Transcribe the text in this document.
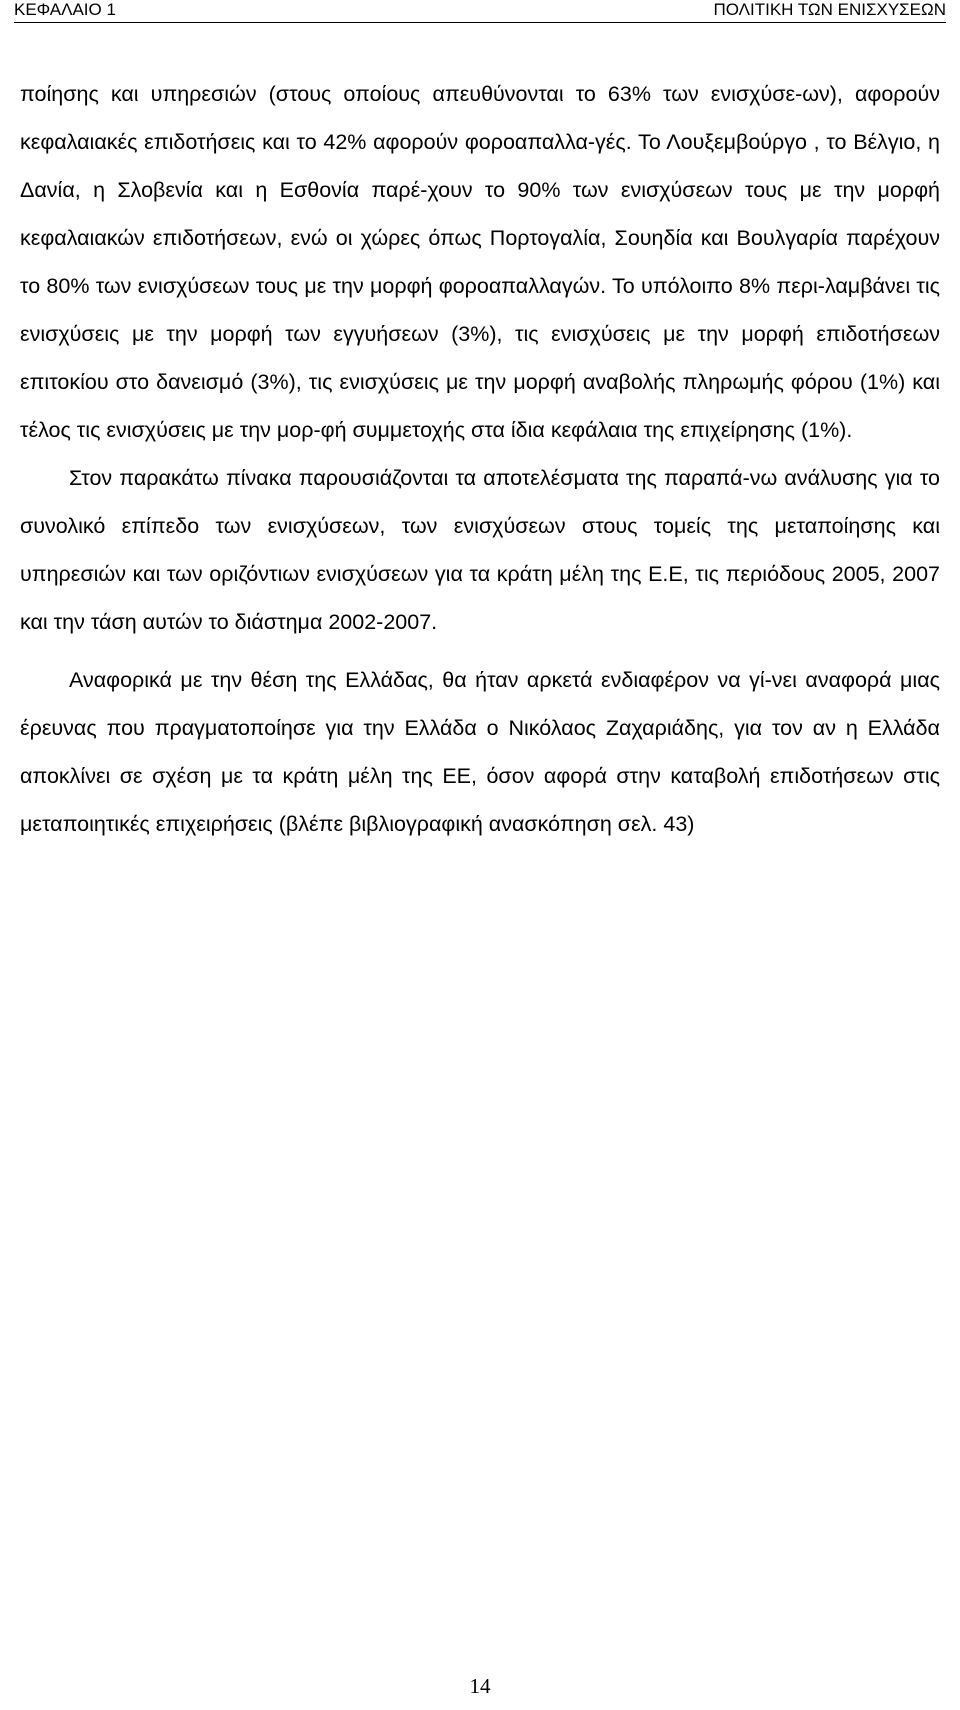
ΚΕΦΑΛΑΙΟ 1	ΠΟΛΙΤΙΚΗ ΤΩΝ ΕΝΙΣΧΥΣΕΩΝ

ποίησης και υπηρεσιών (στους οποίους απευθύνονται το 63% των ενισχύσε-ων), αφορούν κεφαλαιακές επιδοτήσεις και το 42% αφορούν φοροαπαλλα-γές. Το Λουξεμβούργο , το Βέλγιο, η Δανία, η Σλοβενία και η Εσθονία παρέ-χουν το 90% των ενισχύσεων τους με την μορφή κεφαλαιακών επιδοτήσεων, ενώ οι χώρες όπως Πορτογαλία, Σουηδία και Βουλγαρία παρέχουν το 80% των ενισχύσεων τους με την μορφή φοροαπαλλαγών. Το υπόλοιπο 8% περι-λαμβάνει τις ενισχύσεις με την μορφή των εγγυήσεων (3%), τις ενισχύσεις με την μορφή επιδοτήσεων επιτοκίου στο δανεισμό (3%), τις ενισχύσεις με την μορφή αναβολής πληρωμής φόρου (1%) και τέλος τις ενισχύσεις με την μορ-φή συμμετοχής στα ίδια κεφάλαια της επιχείρησης (1%).

Στον παρακάτω πίνακα παρουσιάζονται τα αποτελέσματα της παραπά-νω ανάλυσης για το συνολικό επίπεδο των ενισχύσεων, των ενισχύσεων στους τομείς της μεταποίησης και υπηρεσιών και των οριζόντιων ενισχύσεων για τα κράτη μέλη της Ε.Ε, τις περιόδους 2005, 2007 και την τάση αυτών το διάστημα 2002-2007.

Αναφορικά με την θέση της Ελλάδας, θα ήταν αρκετά ενδιαφέρον να γί-νει αναφορά μιας έρευνας που πραγματοποίησε για την Ελλάδα ο Νικόλαος Ζαχαριάδης, για τον αν η Ελλάδα αποκλίνει σε σχέση με τα κράτη μέλη της ΕΕ, όσον αφορά στην καταβολή επιδοτήσεων στις μεταποιητικές επιχειρήσεις (βλέπε βιβλιογραφική ανασκόπηση σελ. 43)

14
